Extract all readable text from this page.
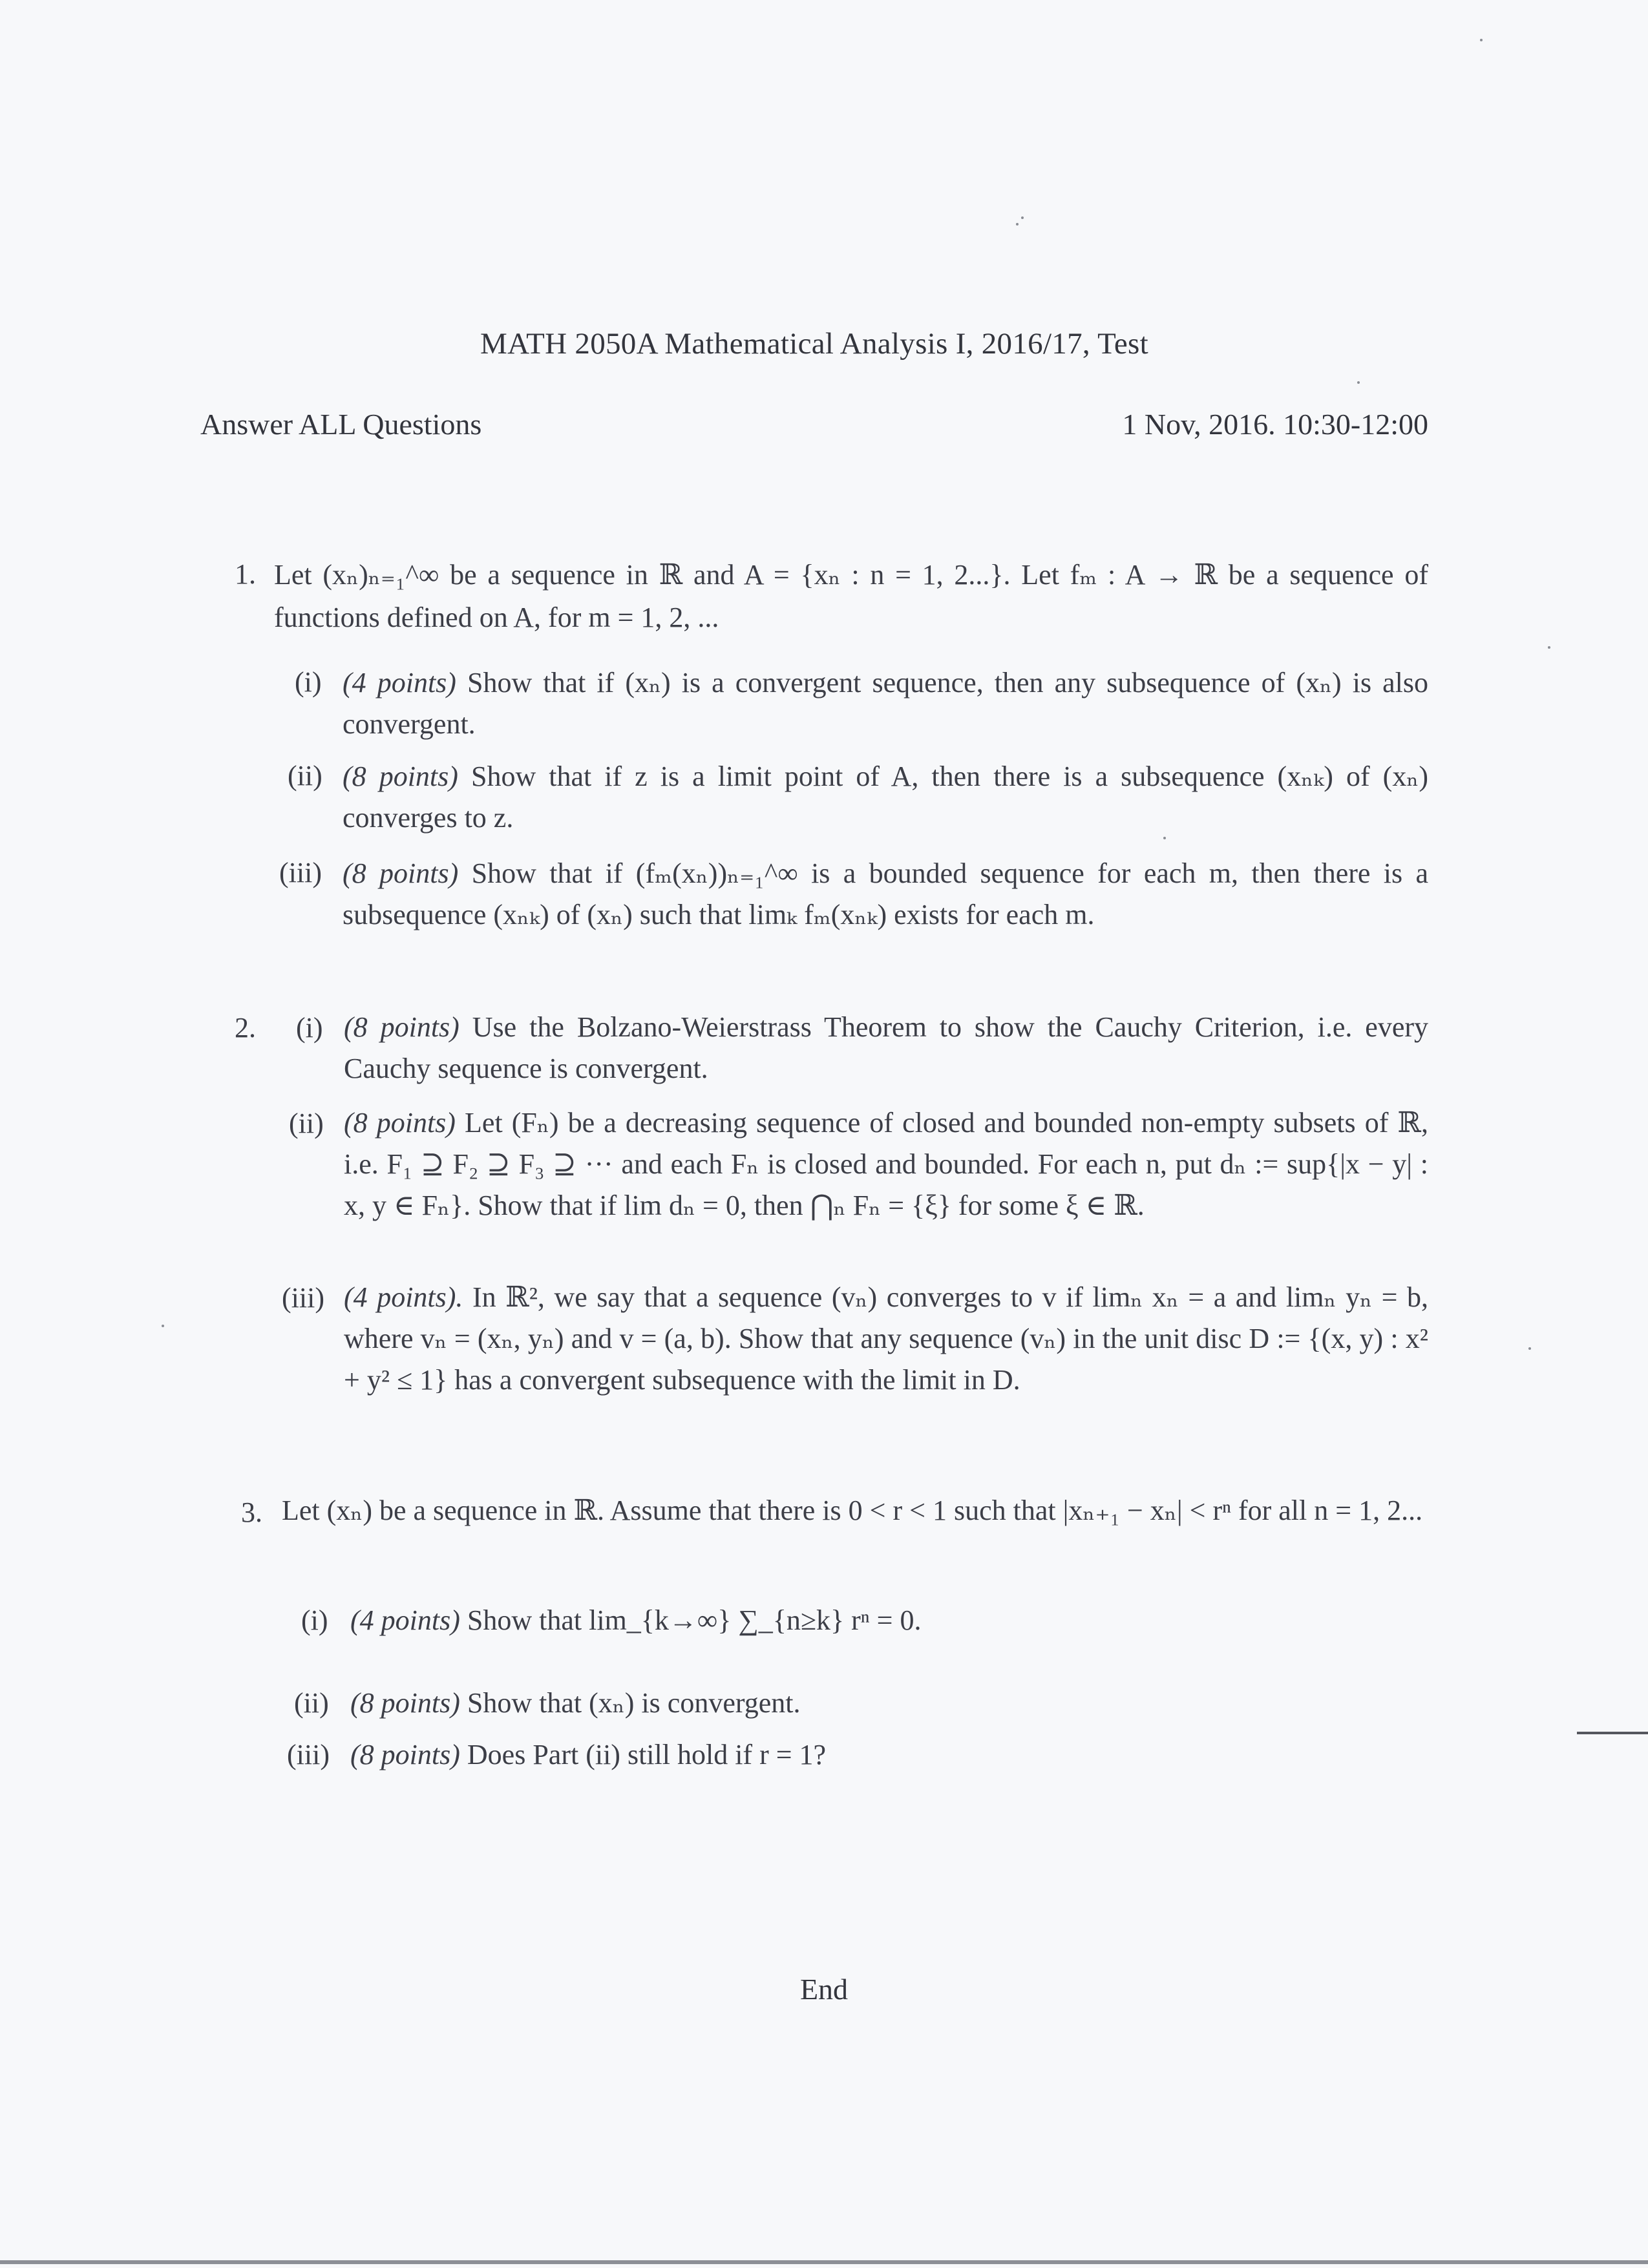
MATH 2050A Mathematical Analysis I, 2016/17, Test
Answer ALL Questions	1 Nov, 2016. 10:30-12:00
1. Let (xₙ)ₙ₌₁^∞ be a sequence in ℝ and A = {xₙ : n = 1, 2...}. Let fₘ : A → ℝ be a sequence of functions defined on A, for m = 1, 2, ...
(i) (4 points) Show that if (xₙ) is a convergent sequence, then any subsequence of (xₙ) is also convergent.
(ii) (8 points) Show that if z is a limit point of A, then there is a subsequence (xₙₖ) of (xₙ) converges to z.
(iii) (8 points) Show that if (fₘ(xₙ))ₙ₌₁^∞ is a bounded sequence for each m, then there is a subsequence (xₙₖ) of (xₙ) such that limₖ fₘ(xₙₖ) exists for each m.
2. (i) (8 points) Use the Bolzano-Weierstrass Theorem to show the Cauchy Criterion, i.e. every Cauchy sequence is convergent.
(ii) (8 points) Let (Fₙ) be a decreasing sequence of closed and bounded non-empty subsets of ℝ, i.e. F₁ ⊇ F₂ ⊇ F₃ ⊇ ··· and each Fₙ is closed and bounded. For each n, put dₙ := sup{|x − y| : x, y ∈ Fₙ}. Show that if lim dₙ = 0, then ⋂ₙ Fₙ = {ξ} for some ξ ∈ ℝ.
(iii) (4 points). In ℝ², we say that a sequence (vₙ) converges to v if limₙ xₙ = a and limₙ yₙ = b, where vₙ = (xₙ, yₙ) and v = (a, b). Show that any sequence (vₙ) in the unit disc D := {(x, y) : x² + y² ≤ 1} has a convergent subsequence with the limit in D.
3. Let (xₙ) be a sequence in ℝ. Assume that there is 0 < r < 1 such that |xₙ₊₁ − xₙ| < rⁿ for all n = 1, 2...
(i) (4 points) Show that lim_{k→∞} ∑_{n≥k} rⁿ = 0.
(ii) (8 points) Show that (xₙ) is convergent.
(iii) (8 points) Does Part (ii) still hold if r = 1?
End
